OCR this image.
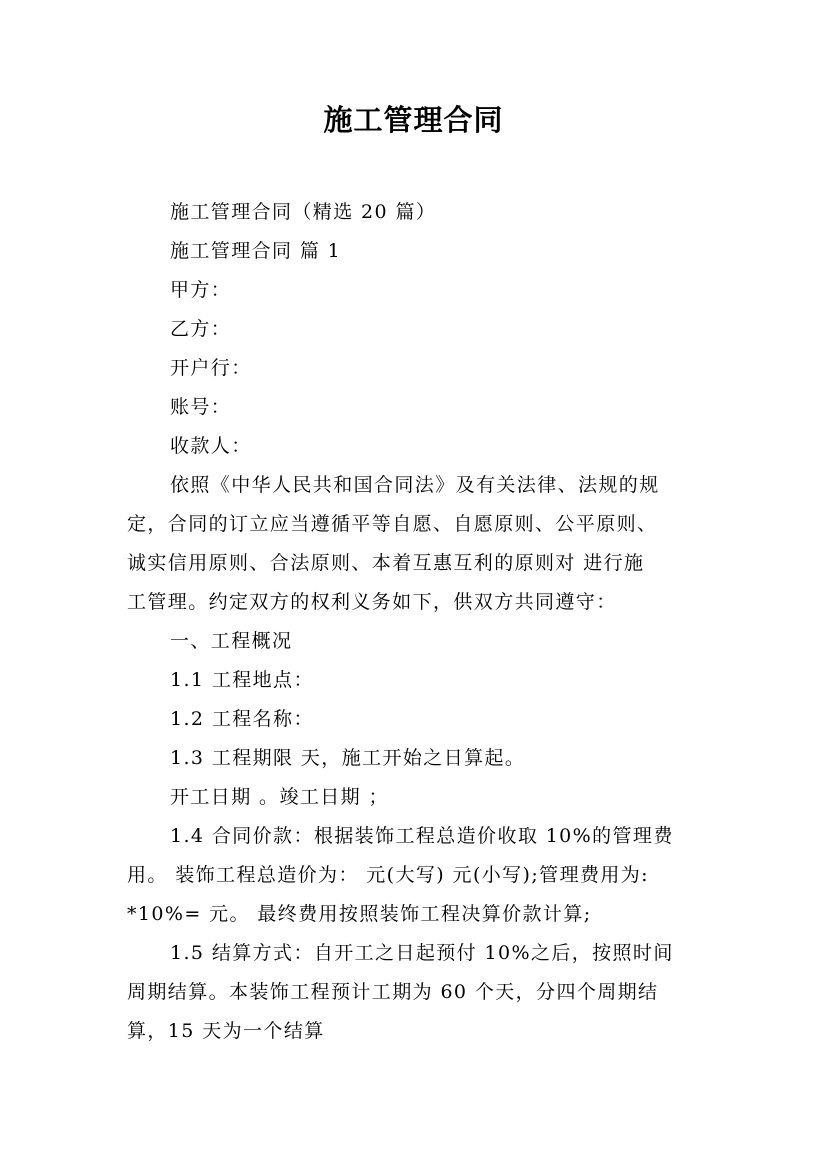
施工管理合同
施工管理合同（精选 20 篇）
施工管理合同 篇 1
甲方：
乙方：
开户行：
账号：
收款人：
依照《中华人民共和国合同法》及有关法律、法规的规
定，合同的订立应当遵循平等自愿、自愿原则、公平原则、
诚实信用原则、合法原则、本着互惠互利的原则对 进行施
工管理。约定双方的权利义务如下，供双方共同遵守：
一、工程概况
1.1 工程地点：
1.2 工程名称：
1.3 工程期限 天，施工开始之日算起。
开工日期 。竣工日期 ；
1.4 合同价款：根据装饰工程总造价收取 10%的管理费
用。 装饰工程总造价为： 元(大写) 元(小写);管理费用为:
*10%= 元。 最终费用按照装饰工程决算价款计算;
1.5 结算方式：自开工之日起预付 10%之后，按照时间
周期结算。本装饰工程预计工期为 60 个天，分四个周期结
算，15 天为一个结算
